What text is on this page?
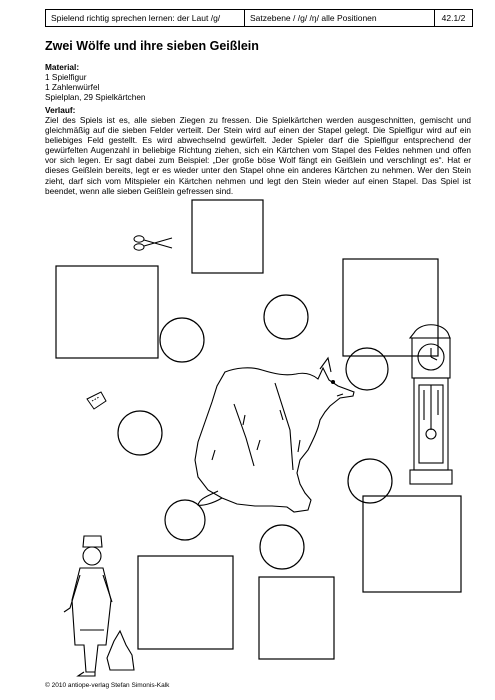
Spielend richtig sprechen lernen: der Laut /g/	Satzebene / /g/ /ŋ/ alle Positionen	42.1/2
Zwei Wölfe und ihre sieben Geißlein
Material:
1 Spielfigur
1 Zahlenwürfel
Spielplan, 29 Spielkärtchen
Verlauf:
Ziel des Spiels ist es, alle sieben Ziegen zu fressen. Die Spielkärtchen werden ausgeschnitten, gemischt und gleichmäßig auf die sieben Felder verteilt. Der Stein wird auf einen der Stapel gelegt. Die Spielfigur wird auf ein beliebiges Feld gestellt. Es wird abwechselnd gewürfelt. Jeder Spieler darf die Spielfigur entsprechend der gewürfelten Augenzahl in beliebige Richtung ziehen, sich ein Kärtchen vom Stapel des Feldes nehmen und offen vor sich legen. Er sagt dabei zum Beispiel: „Der große böse Wolf fängt ein Geißlein und verschlingt es“. Hat er dieses Geißlein bereits, legt er es wieder unter den Stapel ohne ein anderes Kärtchen zu nehmen. Wer den Stein zieht, darf sich vom Mitspieler ein Kärtchen nehmen und legt den Stein wieder auf einen Stapel. Das Spiel ist beendet, wenn alle sieben Geißlein gefressen sind.
© 2010 antiope-verlag Stefan Simonis-Kalk
